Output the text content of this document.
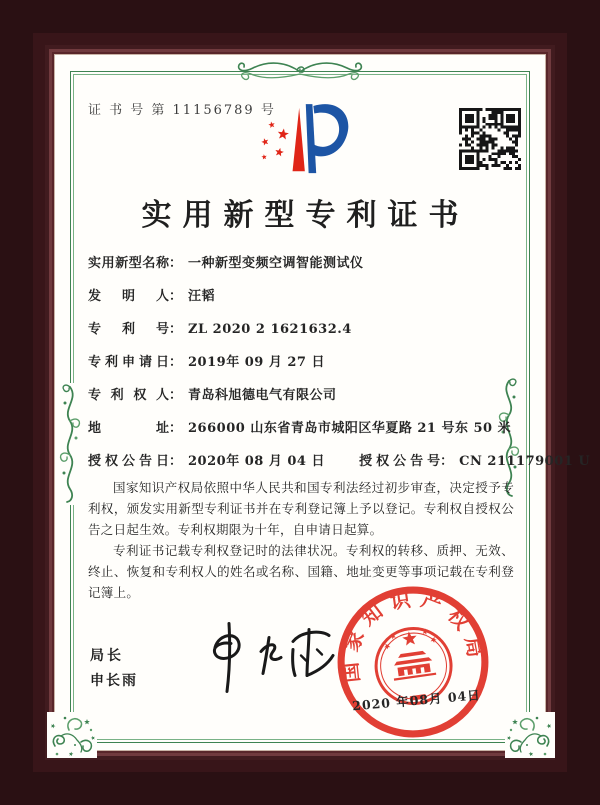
证 书 号 第 11156789 号
实用新型专利证书
实用新型名称： 一种新型变频空调智能测试仪
发明人： 汪韬
专利号： ZL 2020 2 1621632.4
专利申请日： 2019年 09 月 27 日
专利权人： 青岛科旭德电气有限公司
地址： 266000 山东省青岛市城阳区华夏路 21 号东 50 米
授权公告日： 2020年 08 月 04 日	授权公告号： CN 211179001 U

国家知识产权局依照中华人民共和国专利法经过初步审查，决定授予专利权，颁发实用新型专利证书并在专利登记簿上予以登记。专利权自授权公告之日起生效。专利权期限为十年，自申请日起算。

专利证书记载专利权登记时的法律状况。专利权的转移、质押、无效、终止、恢复和专利权人的姓名或名称、国籍、地址变更等事项记载在专利登记簿上。

局长
申长雨	国家知识产权局
2020 年08月 04日
